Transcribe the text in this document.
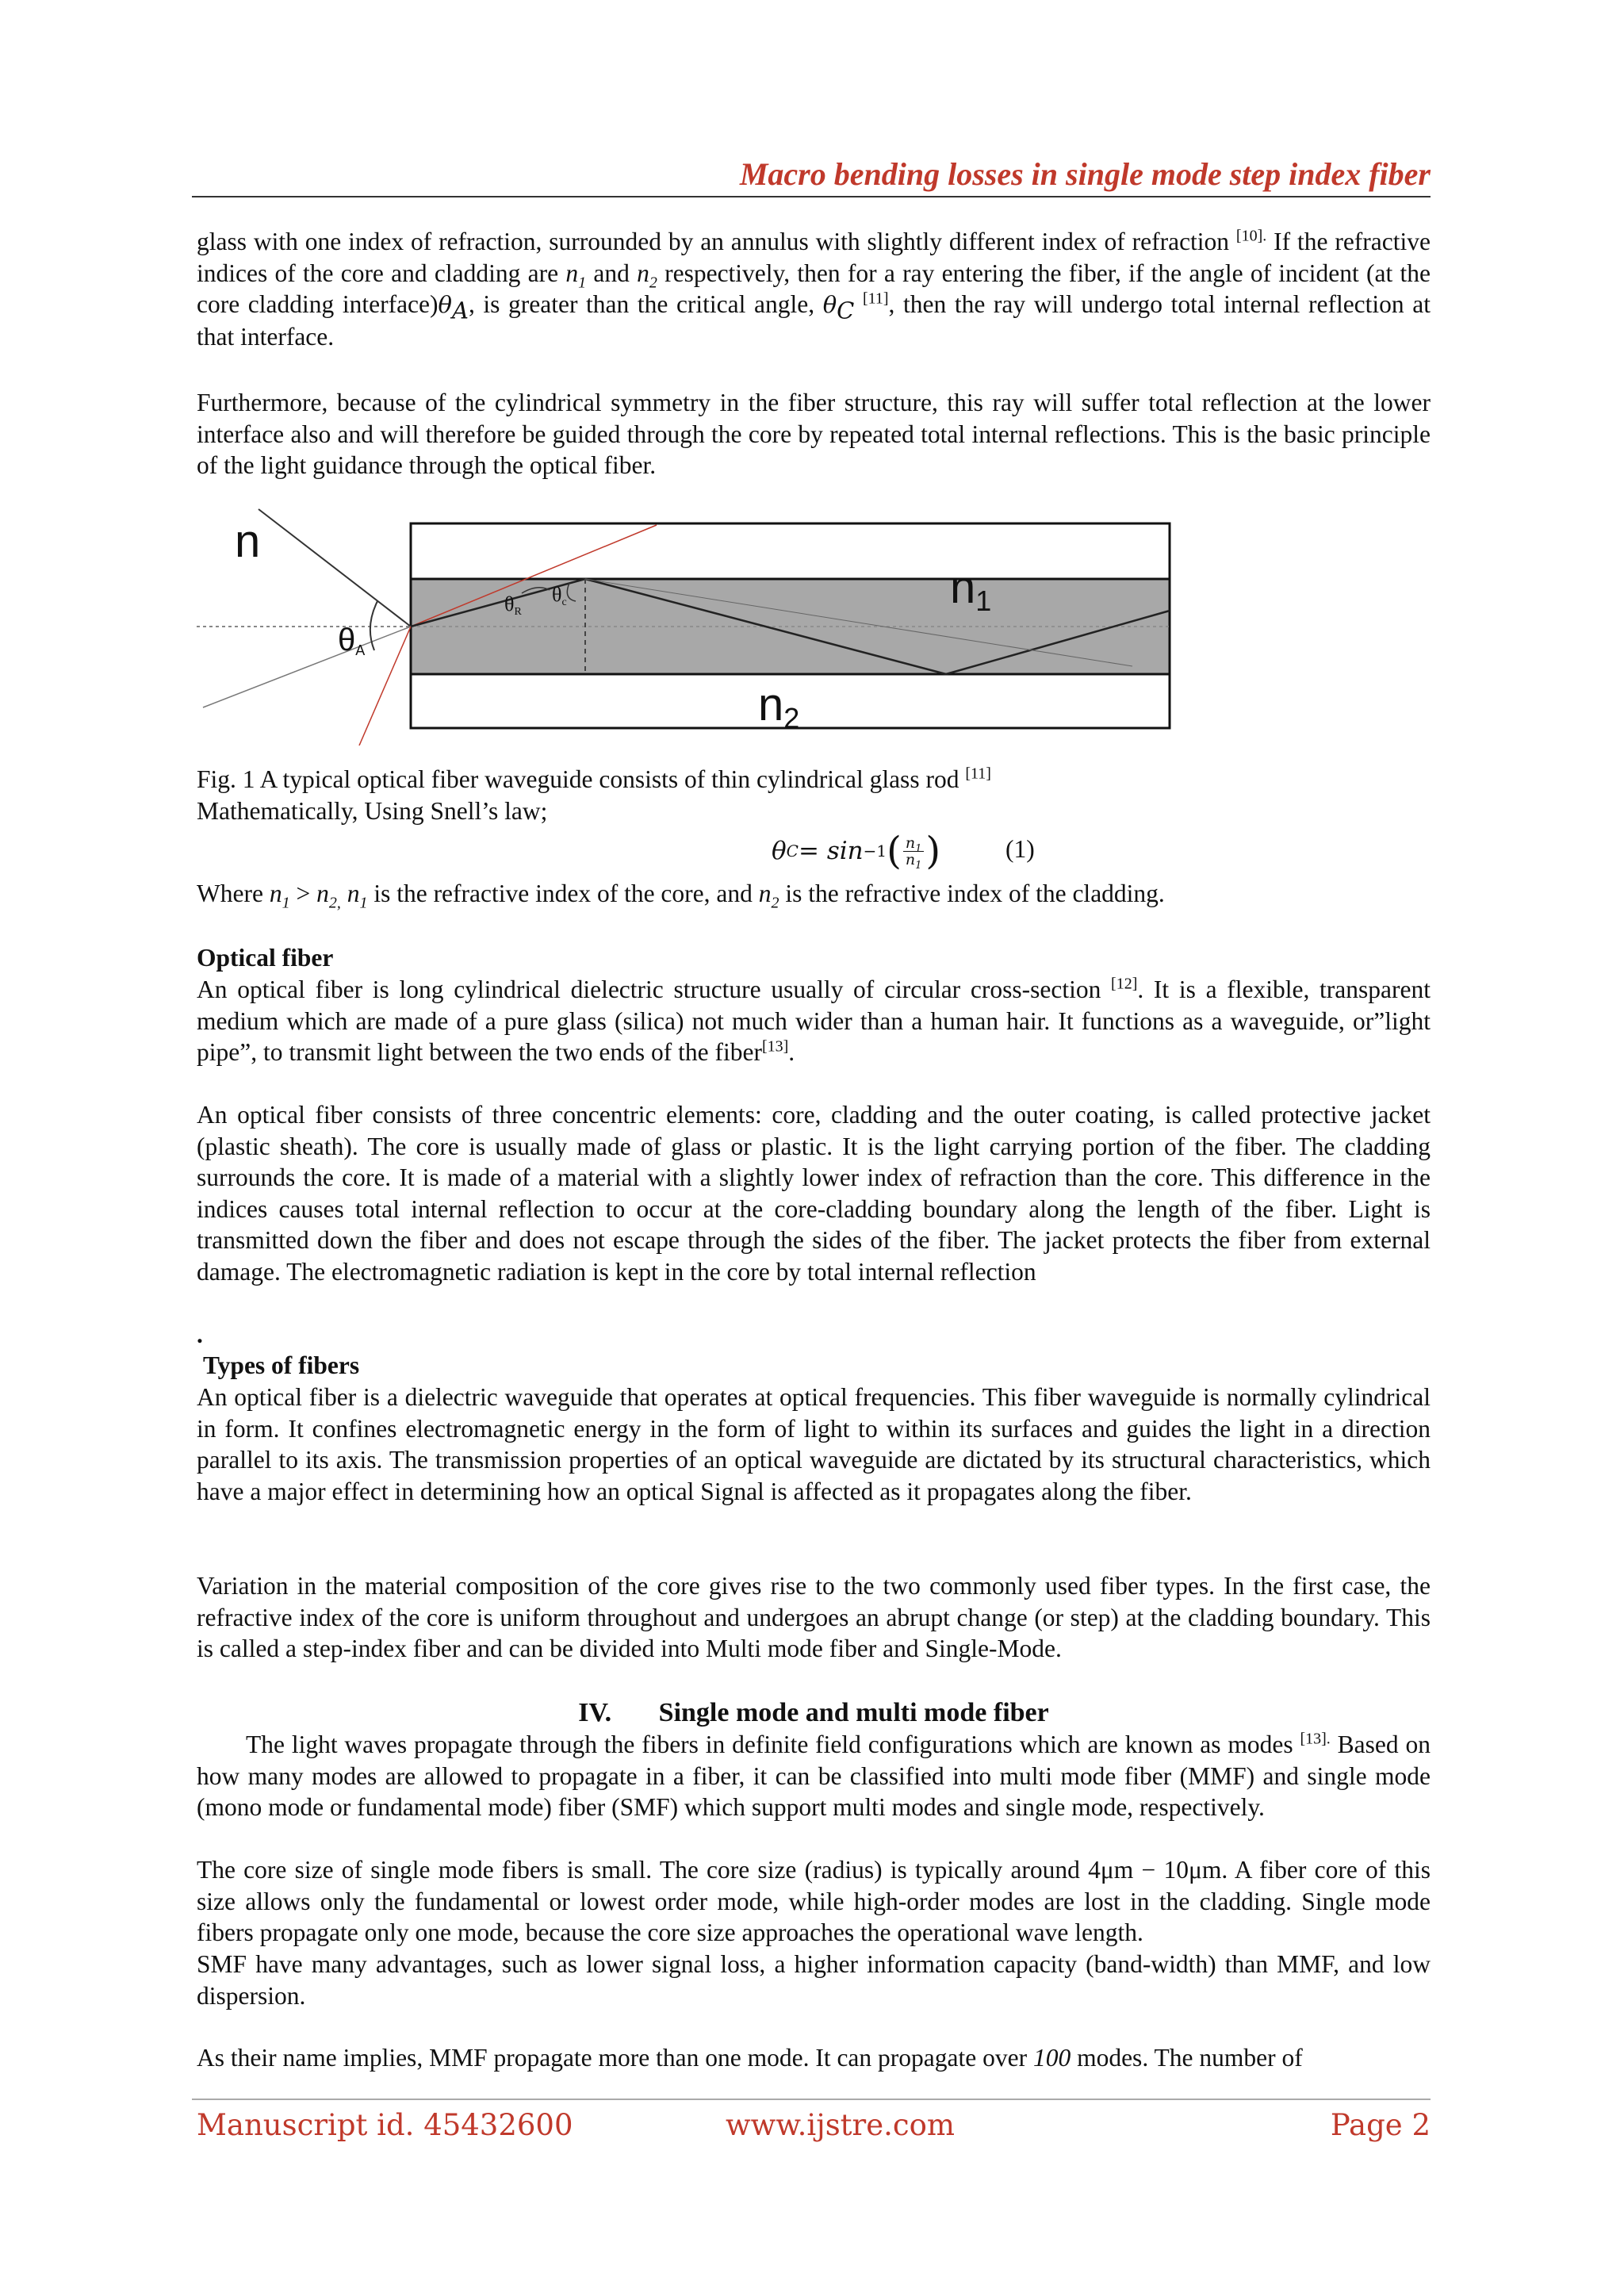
Macro bending losses in single mode step index fiber

glass with one index of refraction, surrounded by an annulus with slightly different index of refraction $^{[10].}$ If the refractive indices of the core and cladding are $n_1$ and $n_2$ respectively, then for a ray entering the fiber, if the angle of incident (at the core cladding $interface)\theta_A$, is greater than the critical angle, $\theta_C$ [11], then the ray will undergo total internal reflection at that interface.

Furthermore, because of the cylindrical symmetry in the fiber structure, this ray will suffer total reflection at the lower interface also and will therefore be guided through the core by repeated total internal reflections. This is the basic principle of the light guidance through the optical fiber.

n
n1
n2
θA
θR
θc

Fig. 1 A typical optical fiber waveguide consists of thin cylindrical glass rod [11]

Mathematically, Using Snell’s law;

θ C = sin −1 ( $\frac{n_1}{n_1}$ )	(1)

Where $n_1 > n_{2,}$ $n_1$ is the refractive index of the core, and $n_2$ is the refractive index of the cladding.

Optical fiber

An optical fiber is long cylindrical dielectric structure usually of circular cross-section [12]. It is a flexible, transparent medium which are made of a pure glass (silica) not much wider than a human hair. It functions as a waveguide, or”light pipe”, to transmit light between the two ends of the fiber[13].

An optical fiber consists of three concentric elements: core, cladding and the outer coating, is called protective jacket (plastic sheath). The core is usually made of glass or plastic. It is the light carrying portion of the fiber. The cladding surrounds the core. It is made of a material with a slightly lower index of refraction than the core. This difference in the indices causes total internal reflection to occur at the core-cladding boundary along the length of the fiber. Light is transmitted down the fiber and does not escape through the sides of the fiber. The jacket protects the fiber from external damage. The electromagnetic radiation is kept in the core by total internal reflection

.

Types of fibers

An optical fiber is a dielectric waveguide that operates at optical frequencies. This fiber waveguide is normally cylindrical in form. It confines electromagnetic energy in the form of light to within its surfaces and guides the light in a direction parallel to its axis. The transmission properties of an optical waveguide are dictated by its structural characteristics, which have a major effect in determining how an optical Signal is affected as it propagates along the fiber.

Variation in the material composition of the core gives rise to the two commonly used fiber types. In the first case, the refractive index of the core is uniform throughout and undergoes an abrupt change (or step) at the cladding boundary. This is called a step-index fiber and can be divided into Multi mode fiber and Single-Mode.

IV. Single mode and multi mode fiber

The light waves propagate through the fibers in definite field configurations which are known as modes $^{[13].}$ Based on how many modes are allowed to propagate in a fiber, it can be classified into multi mode fiber (MMF) and single mode (mono mode or fundamental mode) fiber (SMF) which support multi modes and single mode, respectively.

The core size of single mode fibers is small. The core size (radius) is typically around 4μm − 10μm. A fiber core of this size allows only the fundamental or lowest order mode, while high-order modes are lost in the cladding. Single mode fibers propagate only one mode, because the core size approaches the operational wave length.

SMF have many advantages, such as lower signal loss, a higher information capacity (band-width) than MMF, and low dispersion.

As their name implies, MMF propagate more than one mode. It can propagate over 100 modes. The number of

Manuscript id. 45432600	www.ijstre.com	Page 2
